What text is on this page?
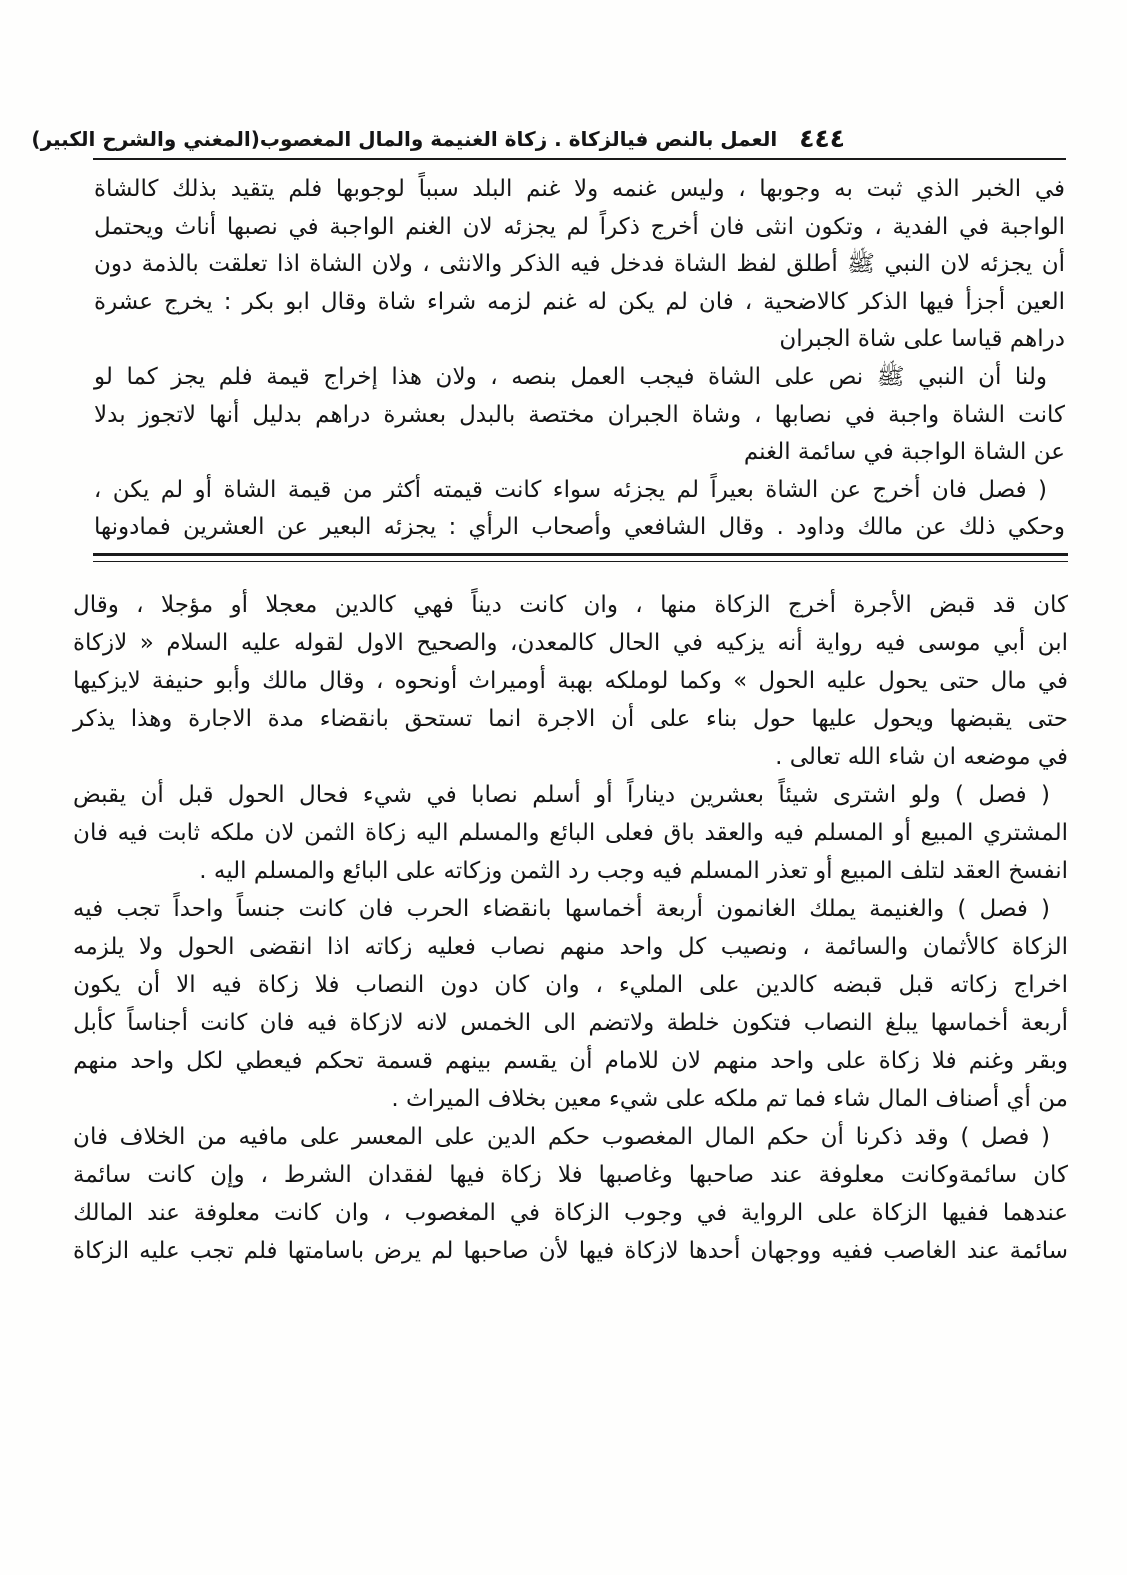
٤٤٤
العمل بالنص فيالزكاة . زكاة الغنيمة والمال المغصوب
(المغني والشرح الكبير)
في الخبر الذي ثبت به وجوبها ، وليس غنمه ولا غنم البلد سبباً لوجوبها فلم يتقيد بذلك كالشاة
الواجبة في الفدية ، وتكون انثى فان أخرج ذكراً لم يجزئه لان الغنم الواجبة في نصبها أناث ويحتمل
أن يجزئه لان النبي ﷺ أطلق لفظ الشاة فدخل فيه الذكر والانثى ، ولان الشاة اذا تعلقت بالذمة دون
العين أجزأ فيها الذكر كالاضحية ، فان لم يكن له غنم لزمه شراء شاة وقال ابو بكر : يخرج عشرة
دراهم قياسا على شاة الجبران
ولنا أن النبي ﷺ نص على الشاة فيجب العمل بنصه ، ولان هذا إخراج قيمة فلم يجز كما لو
كانت الشاة واجبة في نصابها ، وشاة الجبران مختصة بالبدل بعشرة دراهم بدليل أنها لاتجوز بدلا
عن الشاة الواجبة في سائمة الغنم
( فصل فان أخرج عن الشاة بعيراً لم يجزئه سواء كانت قيمته أكثر من قيمة الشاة أو لم يكن ،
وحكي ذلك عن مالك وداود . وقال الشافعي وأصحاب الرأي : يجزئه البعير عن العشرين فمادونها
كان قد قبض الأجرة أخرج الزكاة منها ، وان كانت ديناً فهي كالدين معجلا أو مؤجلا ، وقال
ابن أبي موسى فيه رواية أنه يزكيه في الحال كالمعدن، والصحيح الاول لقوله عليه السلام « لازكاة
في مال حتى يحول عليه الحول » وكما لوملكه بهبة أوميراث أونحوه ، وقال مالك وأبو حنيفة لايزكيها
حتى يقبضها ويحول عليها حول بناء على أن الاجرة انما تستحق بانقضاء مدة الاجارة وهذا يذكر
في موضعه ان شاء الله تعالى .
( فصل ) ولو اشترى شيئاً بعشرين ديناراً أو أسلم نصابا في شيء فحال الحول قبل أن يقبض
المشتري المبيع أو المسلم فيه والعقد باق فعلى البائع والمسلم اليه زكاة الثمن لان ملكه ثابت فيه فان
انفسخ العقد لتلف المبيع أو تعذر المسلم فيه وجب رد الثمن وزكاته على البائع والمسلم اليه .
( فصل ) والغنيمة يملك الغانمون أربعة أخماسها بانقضاء الحرب فان كانت جنساً واحداً تجب فيه
الزكاة كالأثمان والسائمة ، ونصيب كل واحد منهم نصاب فعليه زكاته اذا انقضى الحول ولا يلزمه
اخراج زكاته قبل قبضه كالدين على المليء ، وان كان دون النصاب فلا زكاة فيه الا أن يكون
أربعة أخماسها يبلغ النصاب فتكون خلطة ولاتضم الى الخمس لانه لازكاة فيه فان كانت أجناساً كأبل
وبقر وغنم فلا زكاة على واحد منهم لان للامام أن يقسم بينهم قسمة تحكم فيعطي لكل واحد منهم
من أي أصناف المال شاء فما تم ملكه على شيء معين بخلاف الميراث .
( فصل ) وقد ذكرنا أن حكم المال المغصوب حكم الدين على المعسر على مافيه من الخلاف فان
كان سائمةوكانت معلوفة عند صاحبها وغاصبها فلا زكاة فيها لفقدان الشرط ، وإن كانت سائمة
عندهما ففيها الزكاة على الرواية في وجوب الزكاة في المغصوب ، وان كانت معلوفة عند المالك
سائمة عند الغاصب ففيه ووجهان أحدها لازكاة فيها لأن صاحبها لم يرض باسامتها فلم تجب عليه الزكاة
